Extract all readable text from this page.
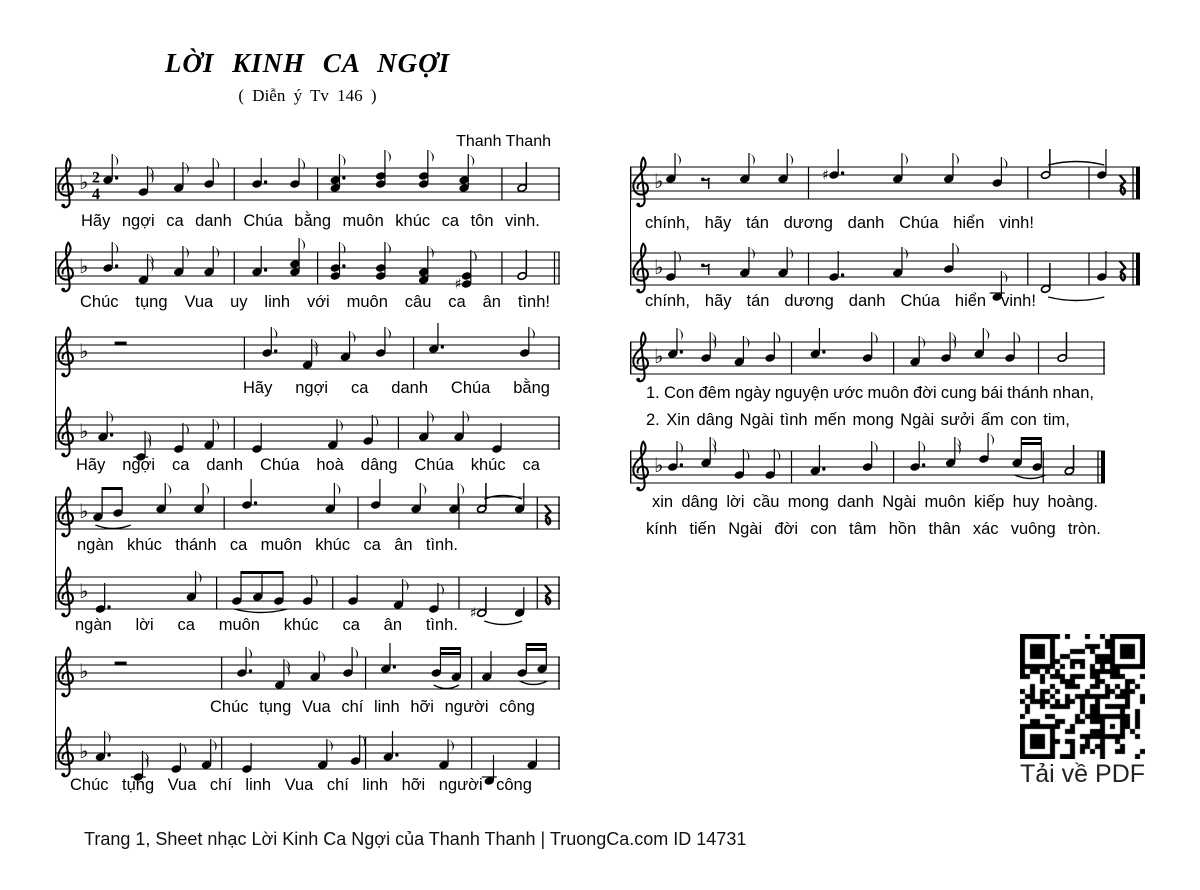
LỜI KINH CA NGỢI
( Diễn ý Tv 146 )
Thanh Thanh
♭ 2
4
♭
♯
♭
♭
♭
♭
♯
♭
♭
♭	♯
♭
♭
♭
Hãy ngợi ca danh Chúa bằng muôn khúc ca tôn vinh.
Chúc tụng Vua uy linh với muôn câu ca ân tình!
Hãy ngợi ca danh Chúa bằng
Hãy ngợi ca danh Chúa hoà dâng Chúa khúc ca
ngàn khúc thánh ca muôn khúc ca ân tình.
ngàn lời ca muôn khúc ca ân tình.
Chúc tụng Vua chí linh hỡi người công
Chúc tụng Vua chí linh Vua chí linh hỡi người công
chính, hãy tán dương danh Chúa hiển vinh!
chính, hãy tán dương danh Chúa hiển vinh!
1. Con đêm ngày nguyện ước muôn đời cung bái thánh nhan,
2. Xin dâng Ngài tình mến mong Ngài sưởi ấm con tim,
xin dâng lời cầu mong danh Ngài muôn kiếp huy hoàng.
kính tiến Ngài đời con tâm hồn thân xác vuông tròn.
Tải về PDF
Trang 1, Sheet nhạc Lời Kinh Ca Ngợi của Thanh Thanh | TruongCa.com ID 14731
